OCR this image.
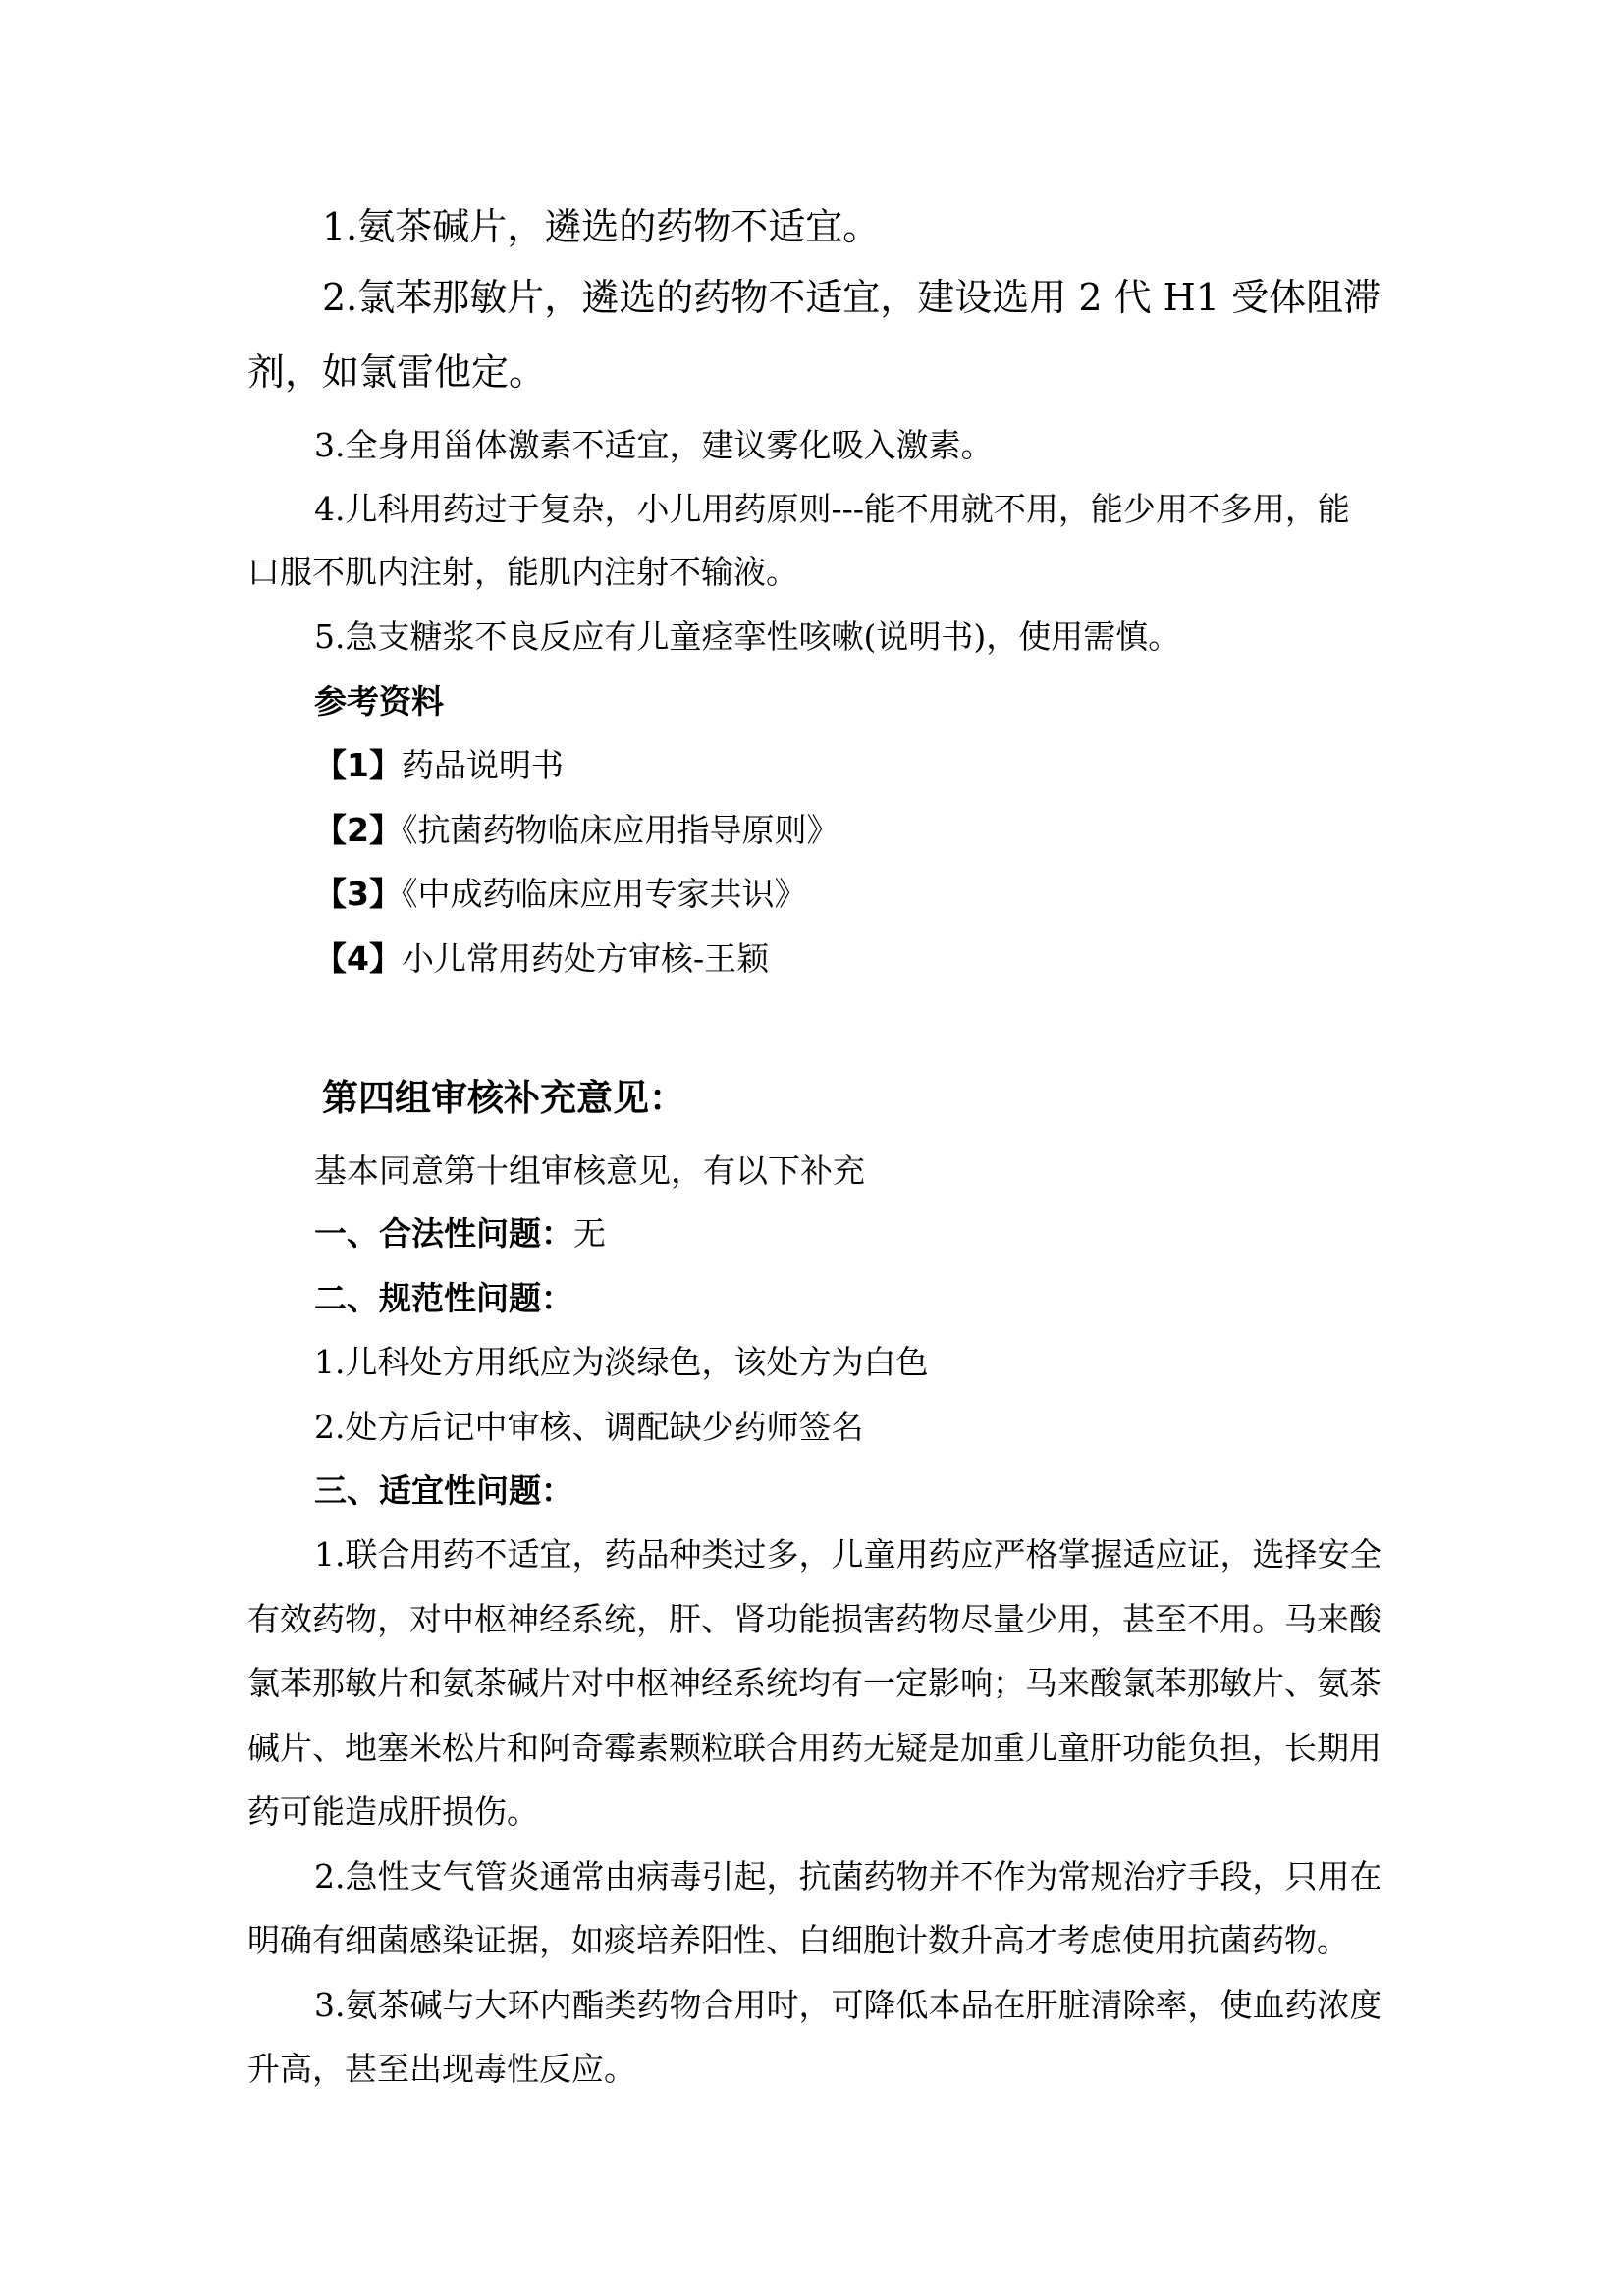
1.氨茶碱片，遴选的药物不适宜。
2.氯苯那敏片，遴选的药物不适宜，建设选用 2 代 H1 受体阻滞
剂，如氯雷他定。
3.全身用甾体激素不适宜，建议雾化吸入激素。
4.儿科用药过于复杂，小儿用药原则---能不用就不用，能少用不多用，能
口服不肌内注射，能肌内注射不输液。
5.急支糖浆不良反应有儿童痉挛性咳嗽(说明书)，使用需慎。
参考资料
【1】药品说明书
【2】《抗菌药物临床应用指导原则》
【3】《中成药临床应用专家共识》
【4】小儿常用药处方审核-王颖
第四组审核补充意见：
基本同意第十组审核意见，有以下补充
一、合法性问题：无
二、规范性问题：
1.儿科处方用纸应为淡绿色，该处方为白色
2.处方后记中审核、调配缺少药师签名
三、适宜性问题：
1.联合用药不适宜，药品种类过多，儿童用药应严格掌握适应证，选择安全
有效药物，对中枢神经系统，肝、肾功能损害药物尽量少用，甚至不用。马来酸
氯苯那敏片和氨茶碱片对中枢神经系统均有一定影响；马来酸氯苯那敏片、氨茶
碱片、地塞米松片和阿奇霉素颗粒联合用药无疑是加重儿童肝功能负担，长期用
药可能造成肝损伤。
2.急性支气管炎通常由病毒引起，抗菌药物并不作为常规治疗手段，只用在
明确有细菌感染证据，如痰培养阳性、白细胞计数升高才考虑使用抗菌药物。
3.氨茶碱与大环内酯类药物合用时，可降低本品在肝脏清除率，使血药浓度
升高，甚至出现毒性反应。
